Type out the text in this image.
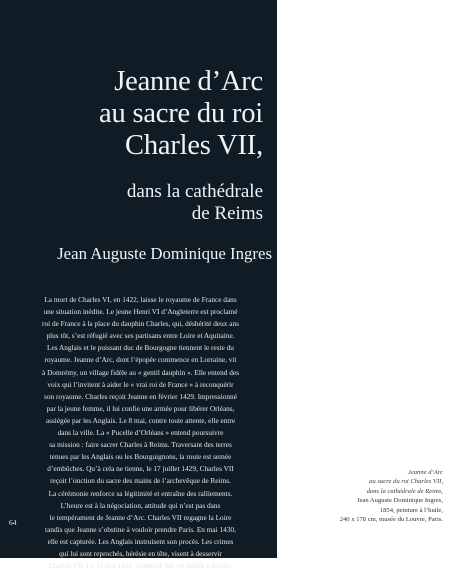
Jeanne d’Arc
au sacre du roi
Charles VII,
dans la cathédrale
de Reims
Jean Auguste Dominique Ingres

La mort de Charles VI, en 1422, laisse le royaume de France dans

une situation inédite. Le jeune Henri VI d’Angleterre est proclamé

roi de France à la place du dauphin Charles, qui, déshérité deux ans

plus tôt, s’est réfugié avec ses partisans entre Loire et Aquitaine.

Les Anglais et le puissant duc de Bourgogne tiennent le reste du

royaume. Jeanne d’Arc, dont l’épopée commence en Lorraine, vit

à Domrémy, un village fidèle au « gentil dauphin ». Elle entend des

voix qui l’invitent à aider le « vrai roi de France » à reconquérir

son royaume. Charles reçoit Jeanne en février 1429. Impressionné

par la jeune femme, il lui confie une armée pour libérer Orléans,

assiégée par les Anglais. Le 8 mai, contre toute attente, elle entre

dans la ville. La « Pucelle d’Orléans » entend poursuivre

sa mission : faire sacrer Charles à Reims. Traversant des terres

tenues par les Anglais ou les Bourguignons, la route est semée

d’embûches. Qu’à cela ne tienne, le 17 juillet 1429, Charles VII

reçoit l’onction du sacre des mains de l’archevêque de Reims.

La cérémonie renforce sa légitimité et entraîne des ralliements.

L’heure est à la négociation, attitude qui n’est pas dans

le tempérament de Jeanne d’Arc. Charles VII regagne la Loire

tandis que Jeanne s’obstine à vouloir prendre Paris. En mai 1430,

elle est capturée. Les Anglais instruisent son procès. Les crimes

qui lui sont reprochés, hérésie en tête, visent à desservir

Charles VII. Le 31 mai 1431, Jeanne d’Arc est brûlée à Rouen.

64
Jeanne d’Arc
au sacre du roi Charles VII,
dans la cathédrale de Reims,
Jean Auguste Dominique Ingres,
1854, peinture à l’huile,
240 x 178 cm, musée du Louvre, Paris.
